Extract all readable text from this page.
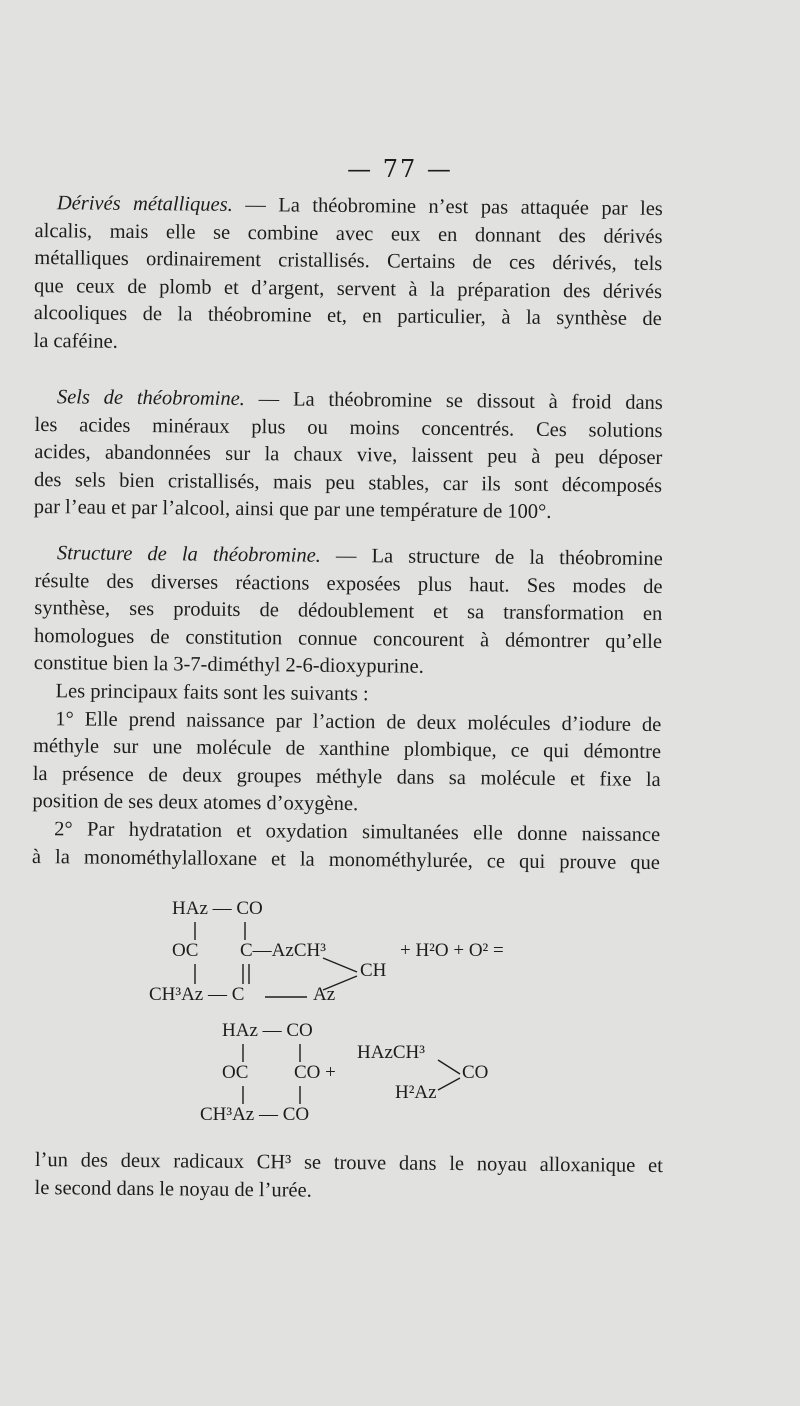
— 77 —
Dérivés métalliques. — La théobromine n’est pas attaquée par les
alcalis, mais elle se combine avec eux en donnant des dérivés
métalliques ordinairement cristallisés. Certains de ces dérivés, tels
que ceux de plomb et d’argent, servent à la préparation des dérivés
alcooliques de la théobromine et, en particulier, à la synthèse de
la caféine.
Sels de théobromine. — La théobromine se dissout à froid dans
les acides minéraux plus ou moins concentrés. Ces solutions
acides, abandonnées sur la chaux vive, laissent peu à peu déposer
des sels bien cristallisés, mais peu stables, car ils sont décomposés
par l’eau et par l’alcool, ainsi que par une température de 100°.
Structure de la théobromine. — La structure de la théobromine
résulte des diverses réactions exposées plus haut. Ses modes de
synthèse, ses produits de dédoublement et sa transformation en
homologues de constitution connue concourent à démontrer qu’elle
constitue bien la 3-7-diméthyl 2-6-dioxypurine.
Les principaux faits sont les suivants :
1° Elle prend naissance par l’action de deux molécules d’iodure de
méthyle sur une molécule de xanthine plombique, ce qui démontre
la présence de deux groupes méthyle dans sa molécule et fixe la
position de ses deux atomes d’oxygène.
2° Par hydratation et oxydation simultanées elle donne naissance
à la monométhylalloxane et la monométhylurée, ce qui prouve que
HAz — CO
OC C—AzCH³
CH³Az — C	Az
CH
+ H²O + O² =
HAz — CO
OC CO +
CH³Az — CO
HAzCH³
H²Az
CO
l’un des deux radicaux CH³ se trouve dans le noyau alloxanique et
le second dans le noyau de l’urée.
